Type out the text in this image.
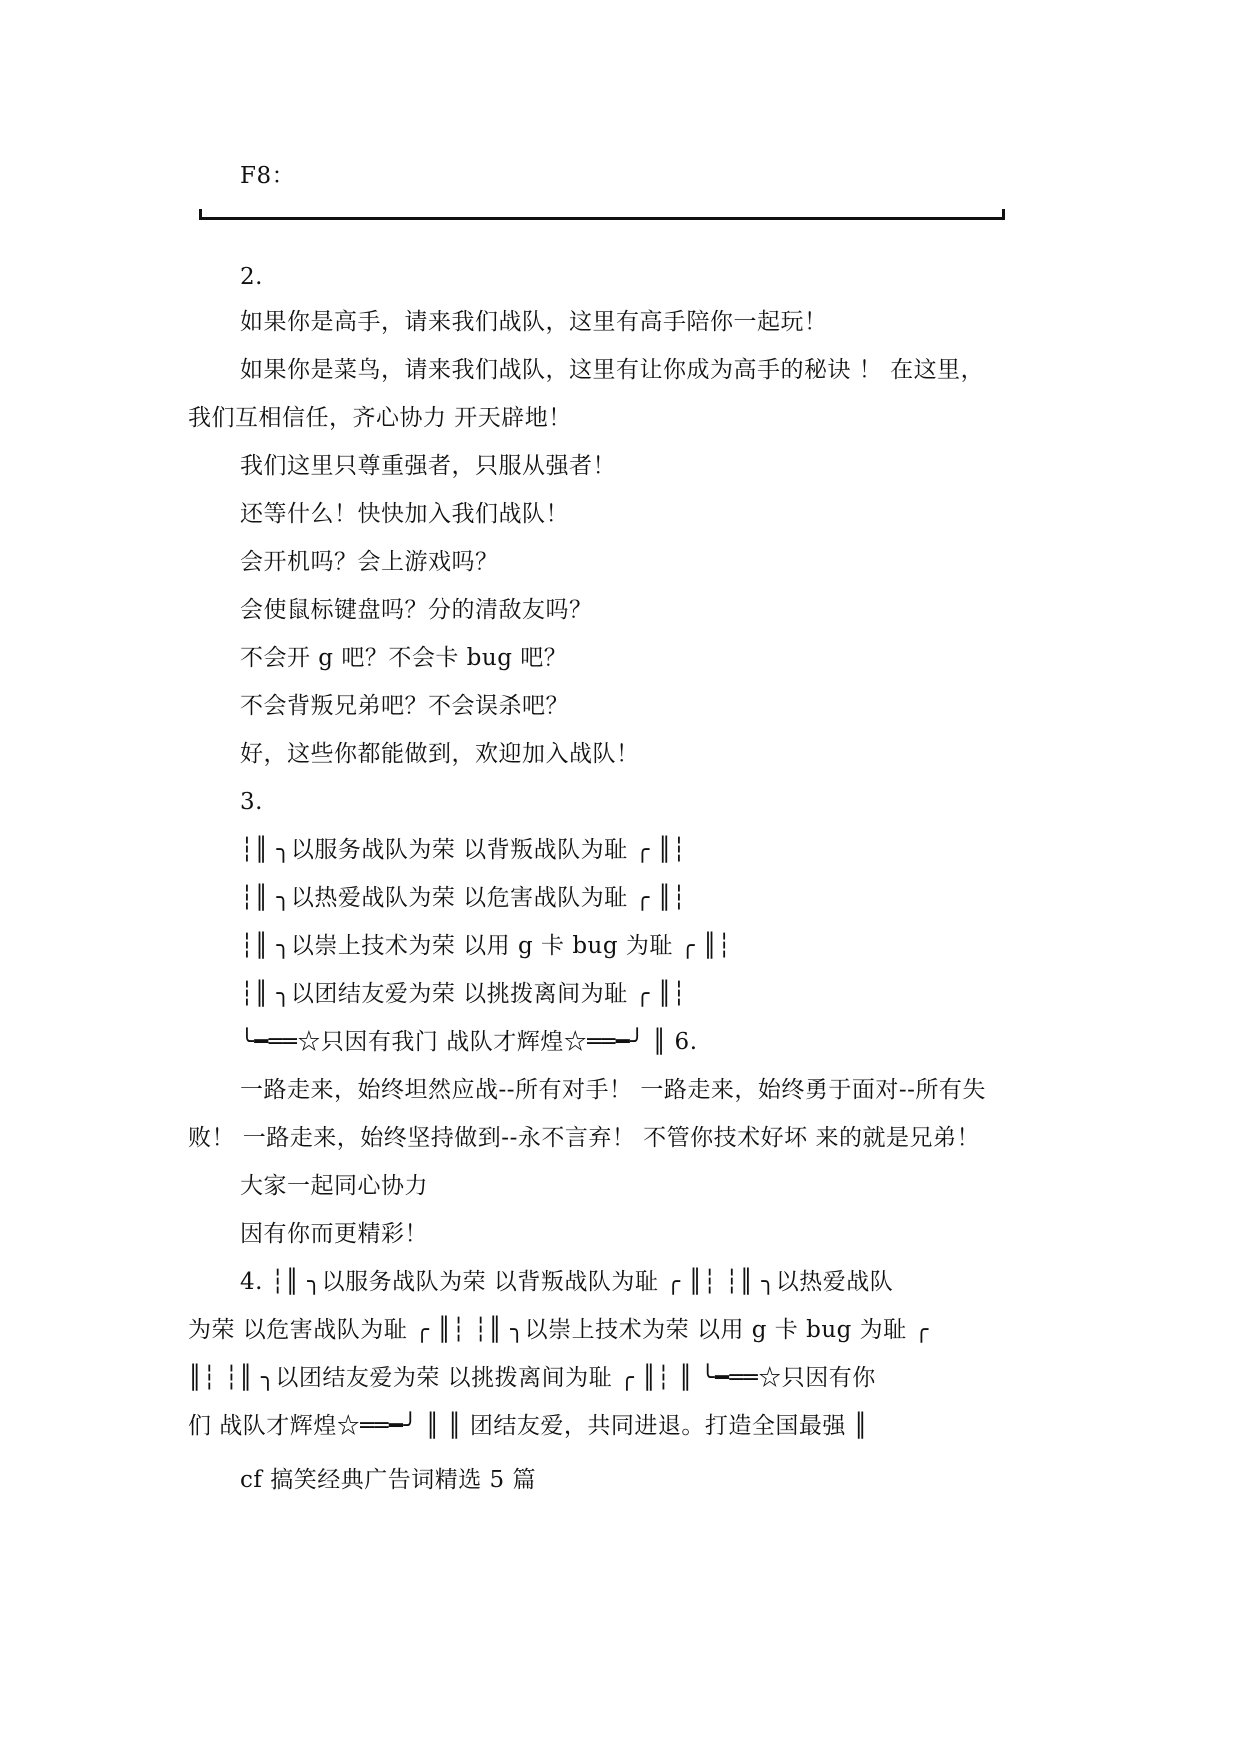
F8：
2.
如果你是高手，请来我们战队，这里有高手陪你一起玩！
如果你是菜鸟，请来我们战队，这里有让你成为高手的秘诀 ！ 在这里，
我们互相信任，齐心协力 开天辟地！
我们这里只尊重强者，只服从强者！
还等什么！快快加入我们战队！
会开机吗？会上游戏吗？
会使鼠标键盘吗？分的清敌友吗？
不会开 g 吧？不会卡 bug 吧？
不会背叛兄弟吧？不会误杀吧？
好，这些你都能做到，欢迎加入战队！
3.
┆║ ╮以服务战队为荣 以背叛战队为耻 ╭ ║┆
┆║ ╮以热爱战队为荣 以危害战队为耻 ╭ ║┆
┆║ ╮以崇上技术为荣 以用 g 卡 bug 为耻 ╭ ║┆
┆║ ╮以团结友爱为荣 以挑拨离间为耻 ╭ ║┆
╰━══☆只因有我门 战队才辉煌☆══━╯ ║ 6.
一路走来，始终坦然应战--所有对手！ 一路走来，始终勇于面对--所有失
败！ 一路走来，始终坚持做到--永不言弃！ 不管你技术好坏 来的就是兄弟！
大家一起同心协力
因有你而更精彩！
4. ┆║ ╮以服务战队为荣 以背叛战队为耻 ╭ ║┆ ┆║ ╮以热爱战队
为荣 以危害战队为耻 ╭ ║┆ ┆║ ╮以崇上技术为荣 以用 g 卡 bug 为耻 ╭
║┆ ┆║ ╮以团结友爱为荣 以挑拨离间为耻 ╭ ║┆ ║ ╰━══☆只因有你
们 战队才辉煌☆══━╯ ║ ║ 团结友爱，共同进退。打造全国最强 ║
cf 搞笑经典广告词精选 5 篇
